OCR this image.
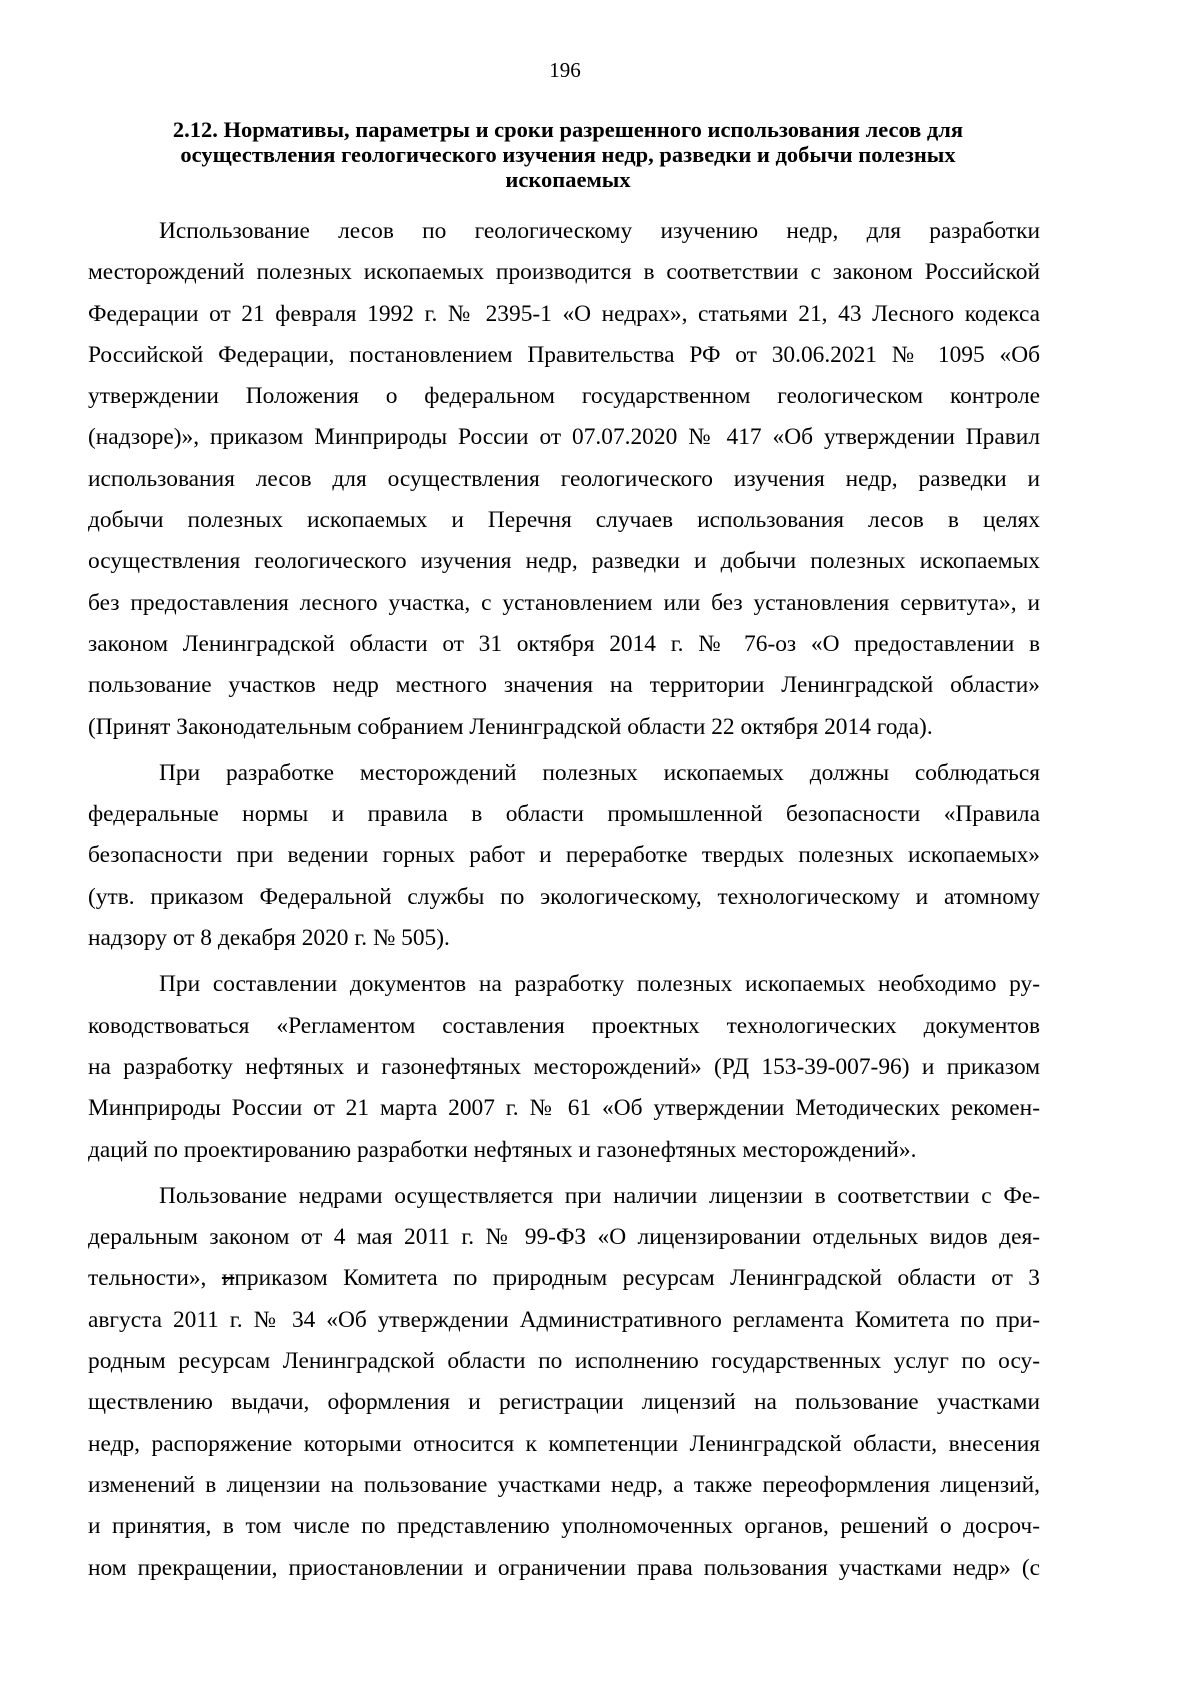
196
2.12. Нормативы, параметры и сроки разрешенного использования лесов для
осуществления геологического изучения недр, разведки и добычи полезных
ископаемых
Использование лесов по геологическому изучению недр, для разработки
месторождений полезных ископаемых производится в соответствии с законом Российской
Федерации от 21 февраля 1992 г. № 2395-1 «О недрах», статьями 21, 43 Лесного кодекса
Российской Федерации, постановлением Правительства РФ от 30.06.2021 № 1095 «Об
утверждении Положения о федеральном государственном геологическом контроле
(надзоре)», приказом Минприроды России от 07.07.2020 № 417 «Об утверждении Правил
использования лесов для осуществления геологического изучения недр, разведки и
добычи полезных ископаемых и Перечня случаев использования лесов в целях
осуществления геологического изучения недр, разведки и добычи полезных ископаемых
без предоставления лесного участка, с установлением или без установления сервитута», и
законом Ленинградской области от 31 октября 2014 г. № 76-оз «О предоставлении в
пользование участков недр местного значения на территории Ленинградской области»
(Принят Законодательным собранием Ленинградской области 22 октября 2014 года).
При разработке месторождений полезных ископаемых должны соблюдаться
федеральные нормы и правила в области промышленной безопасности «Правила
безопасности при ведении горных работ и переработке твердых полезных ископаемых»
(утв. приказом Федеральной службы по экологическому, технологическому и атомному
надзору от 8 декабря 2020 г. № 505).
При составлении документов на разработку полезных ископаемых необходимо ру-
ководствоваться «Регламентом составления проектных технологических документов
на разработку нефтяных и газонефтяных месторождений» (РД 153-39-007-96) и приказом
Минприроды России от 21 марта 2007 г. № 61 «Об утверждении Методических рекомен-
даций по проектированию разработки нефтяных и газонефтяных месторождений».
Пользование недрами осуществляется при наличии лицензии в соответствии с Фе-
деральным законом от 4 мая 2011 г. № 99-ФЗ «О лицензировании отдельных видов дея-
тельности», иприказом Комитета по природным ресурсам Ленинградской области от 3
августа 2011 г. № 34 «Об утверждении Административного регламента Комитета по при-
родным ресурсам Ленинградской области по исполнению государственных услуг по осу-
ществлению выдачи, оформления и регистрации лицензий на пользование участками
недр, распоряжение которыми относится к компетенции Ленинградской области, внесения
изменений в лицензии на пользование участками недр, а также переоформления лицензий,
и принятия, в том числе по представлению уполномоченных органов, решений о досроч-
ном прекращении, приостановлении и ограничении права пользования участками недр» (с
